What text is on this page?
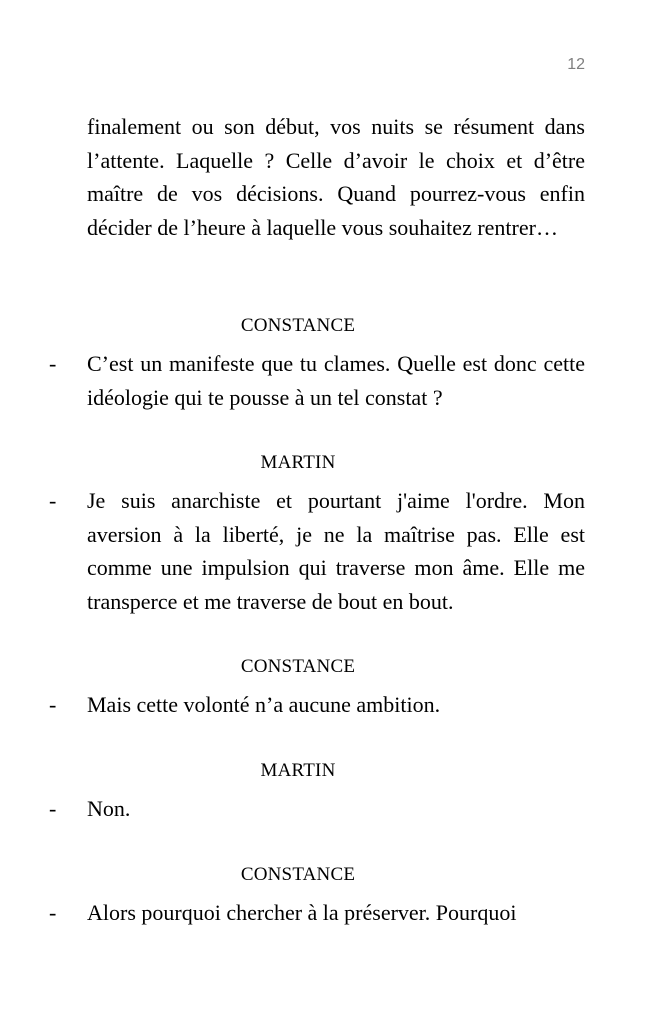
12
finalement ou son début, vos nuits se résument dans l’attente. Laquelle ? Celle d’avoir le choix et d’être maître de vos décisions. Quand pourrez-vous enfin décider de l’heure à laquelle vous souhaitez rentrer…
CONSTANCE
- C’est un manifeste que tu clames. Quelle est donc cette idéologie qui te pousse à un tel constat ?
MARTIN
- Je suis anarchiste et pourtant j'aime l'ordre. Mon aversion à la liberté, je ne la maîtrise pas. Elle est comme une impulsion qui traverse mon âme. Elle me transperce et me traverse de bout en bout.
CONSTANCE
- Mais cette volonté n’a aucune ambition.
MARTIN
- Non.
CONSTANCE
- Alors pourquoi chercher à la préserver. Pourquoi
